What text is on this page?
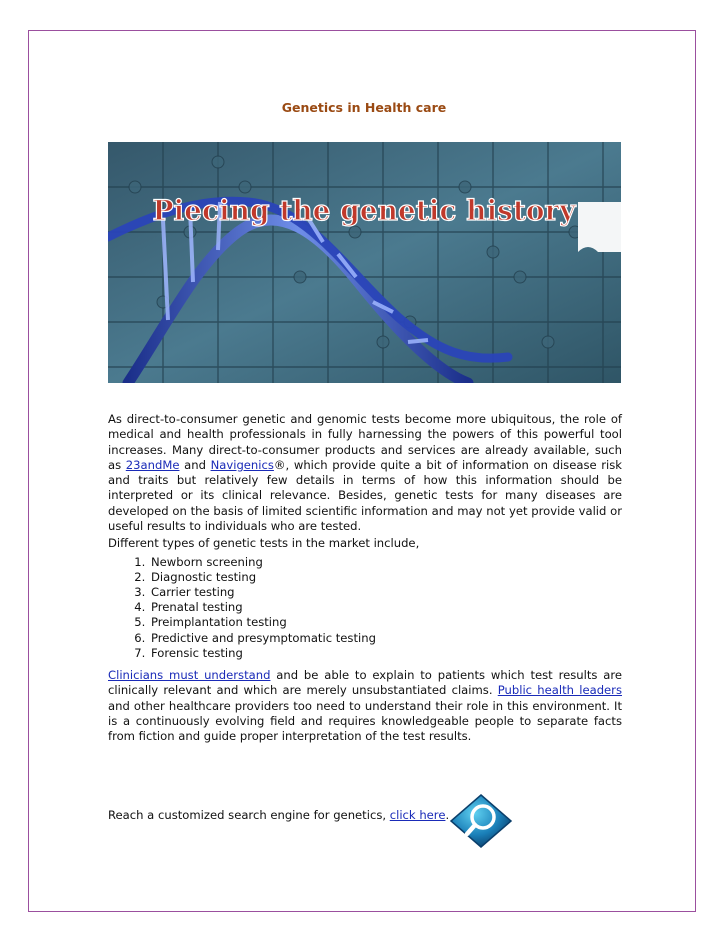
Genetics in Health care
Piecing the genetic history

As direct-to-consumer genetic and genomic tests become more ubiquitous, the role of medical and health professionals in fully harnessing the powers of this powerful tool increases. Many direct-to-consumer products and services are already available, such as 23andMe and Navigenics®, which provide quite a bit of information on disease risk and traits but relatively few details in terms of how this information should be interpreted or its clinical relevance. Besides, genetic tests for many diseases are developed on the basis of limited scientific information and may not yet provide valid or useful results to individuals who are tested.

Different types of genetic tests in the market include,

1. Newborn screening
2. Diagnostic testing
3. Carrier testing
4. Prenatal testing
5. Preimplantation testing
6. Predictive and presymptomatic testing
7. Forensic testing

Clinicians must understand and be able to explain to patients which test results are clinically relevant and which are merely unsubstantiated claims. Public health leaders and other healthcare providers too need to understand their role in this environment. It is a continuously evolving field and requires knowledgeable people to separate facts from fiction and guide proper interpretation of the test results.

Reach a customized search engine for genetics, click here.
